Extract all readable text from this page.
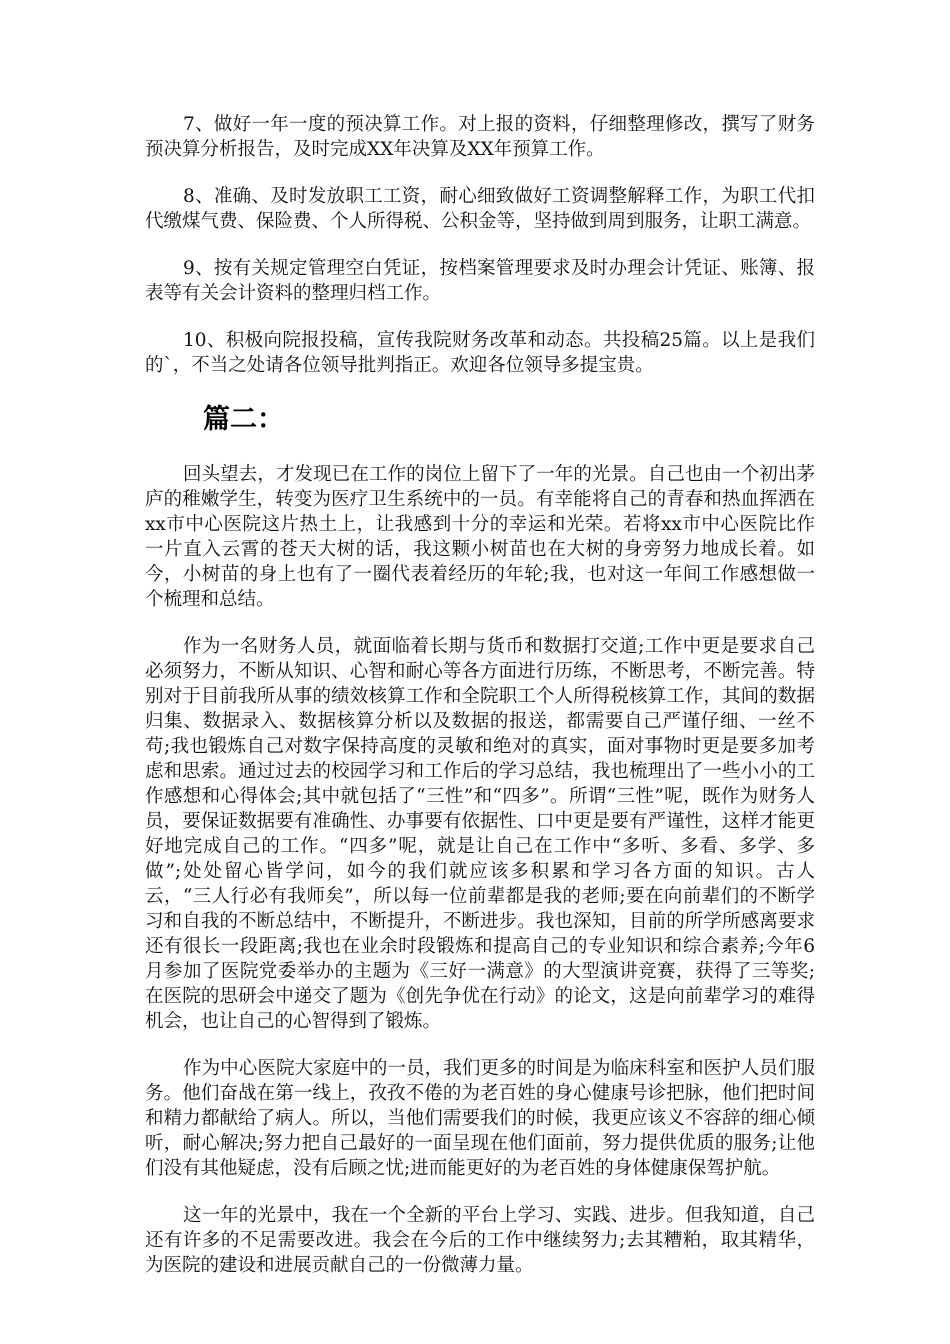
7、做好一年一度的预决算工作。对上报的资料，仔细整理修改，撰写了财务预决算分析报告，及时完成XX年决算及XX年预算工作。

8、准确、及时发放职工工资，耐心细致做好工资调整解释工作，为职工代扣代缴煤气费、保险费、个人所得税、公积金等，坚持做到周到服务，让职工满意。

9、按有关规定管理空白凭证，按档案管理要求及时办理会计凭证、账簿、报表等有关会计资料的整理归档工作。

10、积极向院报投稿，宣传我院财务改革和动态。共投稿25篇。以上是我们的`，不当之处请各位领导批判指正。欢迎各位领导多提宝贵。

篇二：

回头望去，才发现已在工作的岗位上留下了一年的光景。自己也由一个初出茅庐的稚嫩学生，转变为医疗卫生系统中的一员。有幸能将自己的青春和热血挥洒在xx市中心医院这片热土上，让我感到十分的幸运和光荣。若将xx市中心医院比作一片直入云霄的苍天大树的话，我这颗小树苗也在大树的身旁努力地成长着。如今，小树苗的身上也有了一圈代表着经历的年轮;我，也对这一年间工作感想做一个梳理和总结。

作为一名财务人员，就面临着长期与货币和数据打交道;工作中更是要求自己必须努力，不断从知识、心智和耐心等各方面进行历练，不断思考，不断完善。特别对于目前我所从事的绩效核算工作和全院职工个人所得税核算工作，其间的数据归集、数据录入、数据核算分析以及数据的报送，都需要自己严谨仔细、一丝不苟;我也锻炼自己对数字保持高度的灵敏和绝对的真实，面对事物时更是要多加考虑和思索。通过过去的校园学习和工作后的学习总结，我也梳理出了一些小小的工作感想和心得体会;其中就包括了“三性”和“四多”。所谓“三性”呢，既作为财务人员，要保证数据要有准确性、办事要有依据性、口中更是要有严谨性，这样才能更好地完成自己的工作。“四多”呢，就是让自己在工作中“多听、多看、多学、多做”;处处留心皆学问，如今的我们就应该多积累和学习各方面的知识。古人云，“三人行必有我师矣”，所以每一位前辈都是我的老师;要在向前辈们的不断学习和自我的不断总结中，不断提升，不断进步。我也深知，目前的所学所感离要求还有很长一段距离;我也在业余时段锻炼和提高自己的专业知识和综合素养;今年6月参加了医院党委举办的主题为《三好一满意》的大型演讲竞赛，获得了三等奖;在医院的思研会中递交了题为《创先争优在行动》的论文，这是向前辈学习的难得机会，也让自己的心智得到了锻炼。

作为中心医院大家庭中的一员，我们更多的时间是为临床科室和医护人员们服务。他们奋战在第一线上，孜孜不倦的为老百姓的身心健康号诊把脉，他们把时间和精力都献给了病人。所以，当他们需要我们的时候，我更应该义不容辞的细心倾听，耐心解决;努力把自己最好的一面呈现在他们面前，努力提供优质的服务;让他们没有其他疑虑，没有后顾之忧;进而能更好的为老百姓的身体健康保驾护航。

这一年的光景中，我在一个全新的平台上学习、实践、进步。但我知道，自己还有许多的不足需要改进。我会在今后的工作中继续努力;去其糟粕，取其精华，为医院的建设和进展贡献自己的一份微薄力量。
